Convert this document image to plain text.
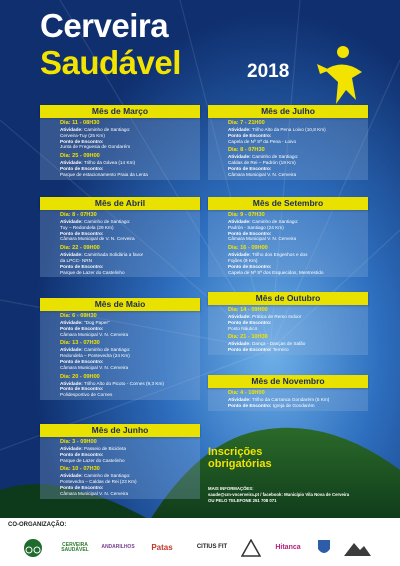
Cerveira
Saudável	2018
Mês de Março
Dia: 11 - 08H30
Atividade: Caminho de Santiago:
Cerveira-Tuy (25 Km)
Ponto de Encontro:
Junta de Freguesia de Gondarém
Dia: 25 - 09H00
Atividade: Trilho da Gávea (14 Km)
Ponto de Encontro:
Parque de estacionamento Praia da Lenta
Mês de Abril
Dia: 8 - 07H30
Atividade: Caminho de Santiago:
Tuy – Redondela (29 Km)
Ponto de Encontro:
Câmara Municipal de V. N. Cerveira
Dia: 22 - 09H00
Atividade: Caminhada Solidária a favor
da LPCC- NRN
Ponto de Encontro:
Parque de Lazer do Castelinho
Mês de Maio
Dia: 6 - 09H30
Atividade: "Dog Paper"
Ponto de Encontro:
Câmara Municipal V. N. Cerveira
Dia: 13 - 07H30
Atividade: Caminho de Santiago:
Redondela – Pontevedra (24 Km)
Ponto de Encontro:
Câmara Municipal V. N. Cerveira
Dia: 20 - 09H00
Atividade: Trilho Alto do Picoto - Cornes (9,3 Km)
Ponto de Encontro:
Polidesportivo de Cornes
Mês de Junho
Dia: 3 - 09H00
Atividade: Passeio de Bicicleta
Ponto de Encontro:
Parque de Lazer do Castelinho
Dia: 10 - 07H30
Atividade: Caminho de Santiago:
Pontevedra – Caldas de Rei (23 Km)
Ponto de Encontro:
Câmara Municipal V. N. Cerveira
Mês de Julho
Dia: 7 - 21H00
Atividade: Trilho Alto da Pena Loivo (10,8 Km)
Ponto de Encontro:
Capela de Nª Sª da Pena - Loivo
Dia: 8 - 07H30
Atividade: Caminho de Santiago:
Caldas de Rei – Padrón (19 Km)
Ponto de Encontro:
Câmara Municipal V. N. Cerveira
Mês de Setembro
Dia: 9 - 07H30
Atividade: Caminho de Santiago:
Padrón - Santiago (24 Km)
Ponto de Encontro:
Câmara Municipal V. N. Cerveira
Dia: 16 - 09H00
Atividade: Trilho dos Engenhos e dos
Fojões (9 Km)
Ponto de Encontro:
Capela de Nª Sª dos Esquecidos, Mentrestido
Mês de Outubro
Dia: 14 - 09H00
Atividade: Prática de Remo Indoor
Ponto de Encontro:
Posto Náutico
Dia: 21 - 10H30
Atividade: Dança - Danças de Salão
Ponto de Encontro: Terreiro
Mês de Novembro
Dia: 4 - 10H00
Atividade: Trilho da Carranca Gondarém (5 Km)
Ponto de Encontro: Igreja de Gondarém
Inscrições
obrigatórias
MAIS INFORMAÇÕES:
saude@cm-vncerveira.pt / facebook: Município Vila Nova de Cerveira
OU PELO TELEFONE 251 708 071
CO-ORGANIZAÇÃO:
CERVEIRA SAUDÁVEL	ANDARILHOS Patas	CITIUS FIT	Hitanca
